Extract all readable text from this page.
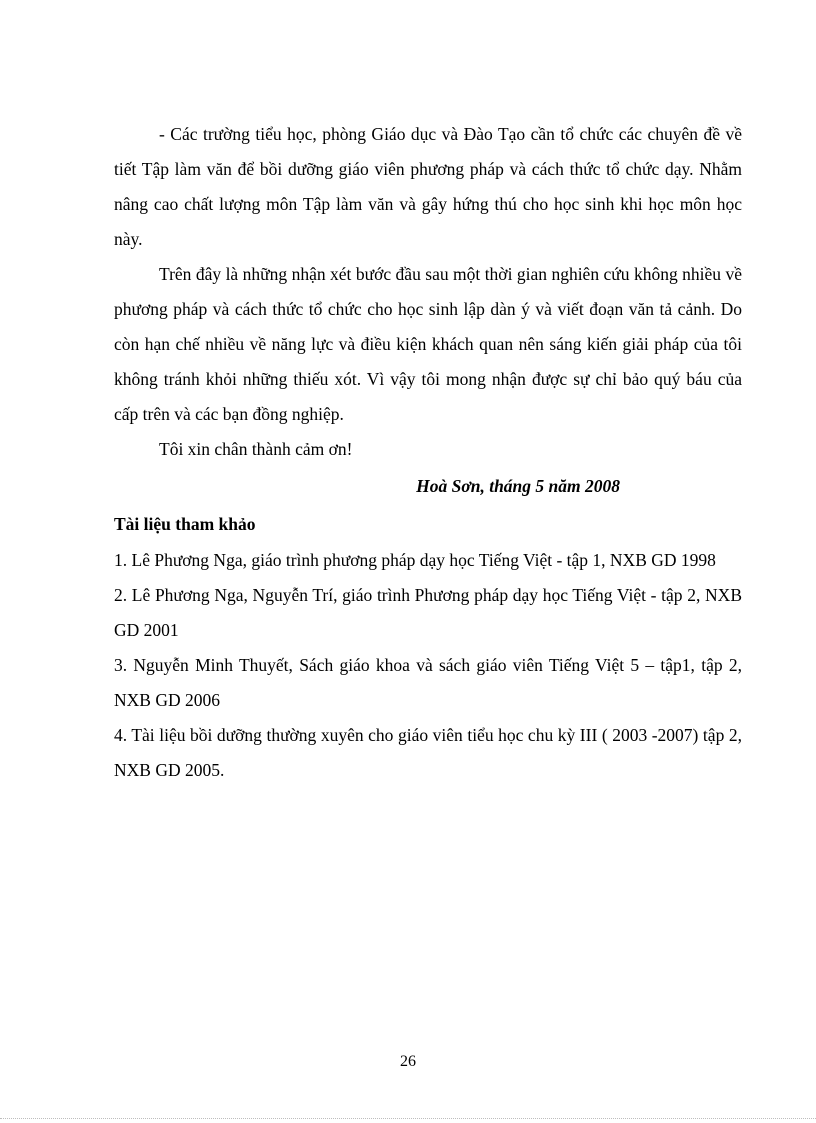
- Các trường tiểu học, phòng Giáo dục và Đào Tạo cần tổ chức các chuyên đề về tiết Tập làm văn để bồi dưỡng giáo viên phương pháp và cách thức tổ chức dạy. Nhằm nâng cao chất lượng môn Tập làm văn và gây hứng thú cho học sinh khi học môn học này.

Trên đây là những nhận xét bước đầu sau một thời gian nghiên cứu không nhiều về phương pháp và cách thức tổ chức cho học sinh lập dàn ý và viết đoạn văn tả cảnh. Do còn hạn chế nhiều về năng lực và điều kiện khách quan nên sáng kiến giải pháp của tôi không tránh khỏi những thiếu xót. Vì vậy tôi mong nhận được sự chỉ bảo quý báu của cấp trên và các bạn đồng nghiệp.

Tôi xin chân thành cảm ơn!

Hoà Sơn, tháng 5 năm 2008

Tài liệu tham khảo

1. Lê Phương Nga, giáo trình phương pháp dạy học Tiếng Việt - tập 1, NXB GD 1998

2. Lê Phương Nga, Nguyễn Trí, giáo trình Phương pháp dạy học Tiếng Việt - tập 2, NXB GD 2001

3. Nguyễn Minh Thuyết, Sách giáo khoa và sách giáo viên Tiếng Việt 5 – tập1, tập 2, NXB GD 2006

4. Tài liệu bồi dưỡng thường xuyên cho giáo viên tiểu học chu kỳ III ( 2003 -2007) tập 2, NXB GD 2005.

26
